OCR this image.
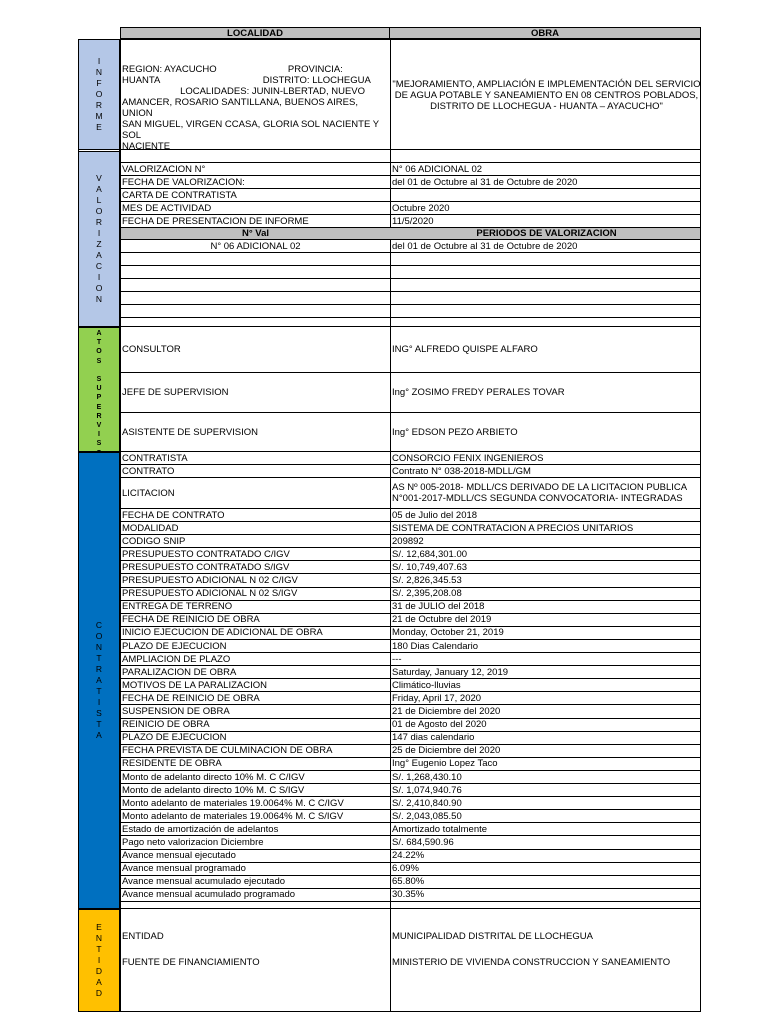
LOCALIDAD	OBRA
I
N
F
O
R
M
E
REGION: AYACUCHO                           PROVINCIA:
HUANTA                                       DISTRITO: LLOCHEGUA
LOCALIDADES: JUNIN-LBERTAD, NUEVO
AMANCER, ROSARIO SANTILLANA, BUENOS AIRES, UNION
SAN MIGUEL, VIRGEN CCASA, GLORIA SOL NACIENTE Y SOL
NACIENTE
"MEJORAMIENTO, AMPLIACIÓN E IMPLEMENTACIÓN DEL SERVICIO
DE AGUA POTABLE Y SANEAMIENTO EN 08 CENTROS POBLADOS,
DISTRITO DE LLOCHEGUA - HUANTA – AYACUCHO"
V
A
L
O
R
I
Z
A
C
I
O
N
VALORIZACION N°	N° 06 ADICIONAL 02
FECHA DE VALORIZACION:	del 01 de Octubre al 31 de Octubre de 2020
CARTA DE CONTRATISTA
MES DE ACTIVIDAD	Octubre 2020
FECHA DE PRESENTACION DE INFORME	11/5/2020
N° Val	PERIODOS DE VALORIZACION
N° 06 ADICIONAL 02	del 01 de Octubre al 31 de Octubre de 2020
A
T
O
S

S
U
P
E
R
V
I
S
CONSULTOR	ING° ALFREDO QUISPE ALFARO
JEFE DE SUPERVISION	Ing° ZOSIMO FREDY PERALES TOVAR
ASISTENTE DE SUPERVISION	Ing° EDSON PEZO ARBIETO
C
O
N
T
R
A
T
I
S
T
A
CONTRATISTA	CONSORCIO FENIX INGENIEROS
CONTRATO	Contrato N° 038-2018-MDLL/GM
LICITACION	AS Nº 005-2018- MDLL/CS DERIVADO DE LA LICITACION PUBLICA
N°001-2017-MDLL/CS SEGUNDA CONVOCATORIA- INTEGRADAS
FECHA DE CONTRATO	05 de Julio del 2018
MODALIDAD	SISTEMA DE CONTRATACION A PRECIOS UNITARIOS
CODIGO SNIP	209892
PRESUPUESTO CONTRATADO C/IGV	S/. 12,684,301.00
PRESUPUESTO CONTRATADO S/IGV	S/. 10,749,407.63
PRESUPUESTO ADICIONAL N 02 C/IGV	S/. 2,826,345.53
PRESUPUESTO ADICIONAL N 02 S/IGV	S/. 2,395,208.08
ENTREGA DE TERRENO	31 de JULIO del 2018
FECHA DE REINICIO DE OBRA	21 de Octubre del 2019
INICIO EJECUCION DE ADICIONAL DE OBRA	Monday, October 21, 2019
PLAZO DE EJECUCION	180 Dias Calendario
AMPLIACION DE PLAZO	---
PARALIZACION DE OBRA	Saturday, January 12, 2019
MOTIVOS DE LA PARALIZACION	Climático-lluvias
FECHA DE REINICIO DE OBRA	Friday, April 17, 2020
SUSPENSION DE OBRA	21 de Diciembre del 2020
REINICIO DE OBRA	01 de Agosto del 2020
PLAZO DE EJECUCION	147 dias calendario
FECHA PREVISTA DE CULMINACION DE OBRA	25 de Diciembre del 2020
RESIDENTE DE OBRA	Ing° Eugenio Lopez Taco
Monto de adelanto directo 10% M. C C/IGV	S/. 1,268,430.10
Monto de adelanto directo 10% M. C S/IGV	S/. 1,074,940.76
Monto adelanto de materiales 19.0064% M. C C/IGV	S/. 2,410,840.90
Monto adelanto de materiales 19.0064% M. C S/IGV	S/. 2,043,085.50
Estado de amortización de adelantos	Amortizado totalmente
Pago neto valorizacion Diciembre	S/. 684,590.96
Avance mensual ejecutado	24.22%
Avance mensual programado	6.09%
Avance mensual acumulado ejecutado	65.80%
Avance mensual acumulado programado	30.35%
E
N
T
I
D
A
D
ENTIDAD	MUNICIPALIDAD DISTRITAL DE LLOCHEGUA
FUENTE DE FINANCIAMIENTO	MINISTERIO DE VIVIENDA CONSTRUCCION Y SANEAMIENTO
